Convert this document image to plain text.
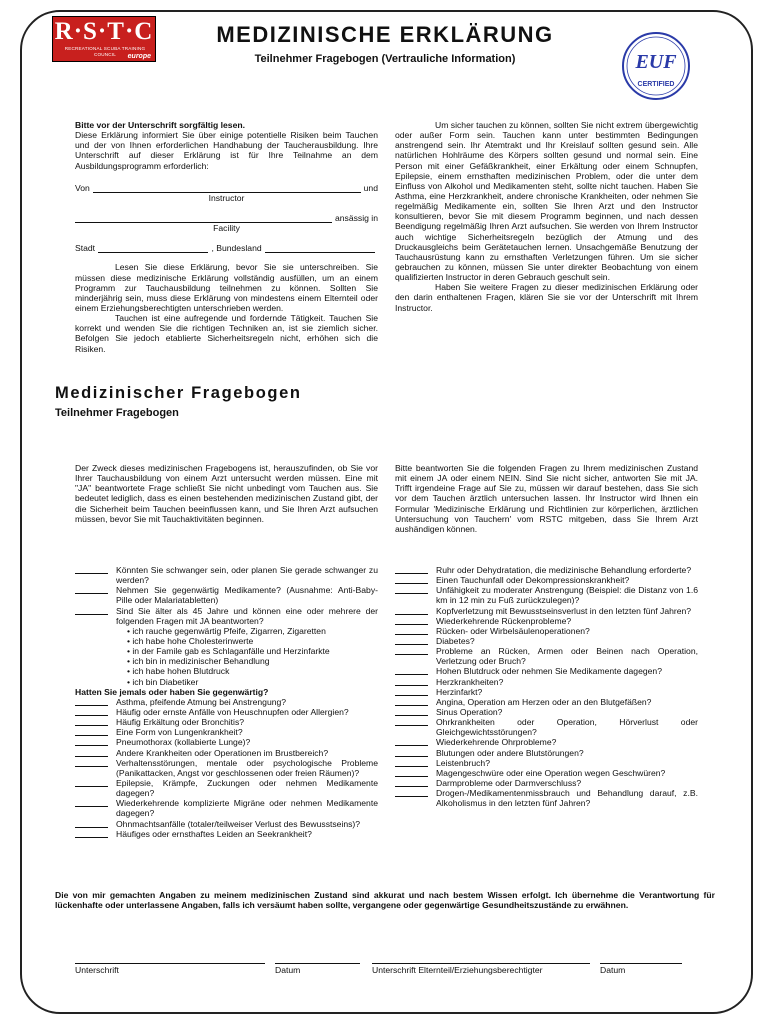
R·S·T·C
RECREATIONAL SCUBA TRAINING COUNCIL	europe
MEDIZINISCHE ERKLÄRUNG
Teilnehmer Fragebogen (Vertrauliche Information)	EUF
CERTIFIED

Bitte vor der Unterschrift sorgfältig lesen.

Diese Erklärung informiert Sie über einige potentielle Risiken beim Tauchen und der von Ihnen erforderlichen Handhabung der Taucherausbildung. Ihre Unterschrift auf dieser Erklärung ist für Ihre Teilnahme an dem Ausbildungsprogramm erforderlich:

Von	und

Instructor

ansässig in

Facility

Stadt	, Bundesland

Lesen Sie diese Erklärung, bevor Sie sie unterschreiben. Sie müssen diese medizinische Erklärung vollständig ausfüllen, um an einem Programm zur Tauchausbildung teilnehmen zu können. Sollten Sie minderjährig sein, muss diese Erklärung von mindestens einem Elternteil oder einem Erziehungsberechtigten unterschrieben werden.

Tauchen ist eine aufregende und fordernde Tätigkeit. Tauchen Sie korrekt und wenden Sie die richtigen Techniken an, ist sie ziemlich sicher. Befolgen Sie jedoch etablierte Sicherheitsregeln nicht, erhöhen sich die Risiken.

Um sicher tauchen zu können, sollten Sie nicht extrem übergewichtig oder außer Form sein. Tauchen kann unter bestimmten Bedingungen anstrengend sein. Ihr Atemtrakt und Ihr Kreislauf sollten gesund sein. Alle natürlichen Hohlräume des Körpers sollten gesund und normal sein. Eine Person mit einer Gefäßkrankheit, einer Erkältung oder einem Schnupfen, Epilepsie, einem ernsthaften medizinischen Problem, oder die unter dem Einfluss von Alkohol und Medikamenten steht, sollte nicht tauchen. Haben Sie Asthma, eine Herzkrankheit, andere chronische Krankheiten, oder nehmen Sie regelmäßig Medikamente ein, sollten Sie Ihren Arzt und den Instructor konsultieren, bevor Sie mit diesem Programm beginnen, und nach dessen Beendigung regelmäßig Ihren Arzt aufsuchen. Sie werden von Ihrem Instructor auch wichtige Sicherheitsregeln bezüglich der Atmung und des Druckausgleichs beim Gerätetauchen lernen. Unsachgemäße Benutzung der Tauchausrüstung kann zu ernsthaften Verletzungen führen. Um sie sicher gebrauchen zu können, müssen Sie unter direkter Beobachtung von einem qualifizierten Instructor in deren Gebrauch geschult sein.

Haben Sie weitere Fragen zu dieser medizinischen Erklärung oder den darin enthaltenen Fragen, klären Sie sie vor der Unterschrift mit Ihrem Instructor.

Medizinischer Fragebogen
Teilnehmer Fragebogen
Der Zweck dieses medizinischen Fragebogens ist, herauszufinden, ob Sie vor Ihrer Tauchausbildung von einem Arzt untersucht werden müssen. Eine mit "JA" beantwortete Frage schließt Sie nicht unbedingt vom Tauchen aus. Sie bedeutet lediglich, dass es einen bestehenden medizinischen Zustand gibt, der die Sicherheit beim Tauchen beeinflussen kann, und Sie Ihren Arzt aufsuchen müssen, bevor Sie mit Tauchaktivitäten beginnen.
Bitte beantworten Sie die folgenden Fragen zu Ihrem medizinischen Zustand mit einem JA oder einem NEIN. Sind Sie nicht sicher, antworten Sie mit JA. Trifft irgendeine Frage auf Sie zu, müssen wir darauf bestehen, dass Sie sich vor dem Tauchen ärztlich untersuchen lassen. Ihr Instructor wird Ihnen ein Formular 'Medizinische Erklärung und Richtlinien zur körperlichen, ärztlichen Untersuchung von Tauchern' vom RSTC mitgeben, dass Sie Ihrem Arzt aushändigen können.
Könnten Sie schwanger sein, oder planen Sie gerade schwanger zu werden?
Nehmen Sie gegenwärtig Medikamente? (Ausnahme: Anti-Baby-Pille oder Malariatabletten)
Sind Sie älter als 45 Jahre und können eine oder mehrere der folgenden Fragen mit JA beantworten?
• ich rauche gegenwärtig Pfeife, Zigarren, Zigaretten
• ich habe hohe Cholesterinwerte
• in der Famile gab es Schlaganfälle und Herzinfarkte
• ich bin in medizinischer Behandlung
• ich habe hohen Blutdruck
• ich bin Diabetiker
Hatten Sie jemals oder haben Sie gegenwärtig?
Asthma, pfeifende Atmung bei Anstrengung?
Häufig oder ernste Anfälle von Heuschnupfen oder Allergien?
Häufig Erkältung oder Bronchitis?
Eine Form von Lungenkrankheit?
Pneumothorax (kollabierte Lunge)?
Andere Krankheiten oder Operationen im Brustbereich?
Verhaltensstörungen, mentale oder psychologische Probleme (Panikattacken, Angst vor geschlossenen oder freien Räumen)?
Epilepsie, Krämpfe, Zuckungen oder nehmen Medikamente dagegen?
Wiederkehrende komplizierte Migräne oder nehmen Medikamente dagegen?
Ohnmachtsanfälle (totaler/teilweiser Verlust des Bewusstseins)?
Häufiges oder ernsthaftes Leiden an Seekrankheit?
Ruhr oder Dehydratation, die medizinische Behandlung erforderte?
Einen Tauchunfall oder Dekompressionskrankheit?
Unfähigkeit zu moderater Anstrengung (Beispiel: die Distanz von 1.6 km in 12 min zu Fuß zurückzulegen)?
Kopfverletzung mit Bewusstseinsverlust in den letzten fünf Jahren?
Wiederkehrende Rückenprobleme?
Rücken- oder Wirbelsäulenoperationen?
Diabetes?
Probleme an Rücken, Armen oder Beinen nach Operation, Verletzung oder Bruch?
Hohen Blutdruck oder nehmen Sie Medikamente dagegen?
Herzkrankheiten?
Herzinfarkt?
Angina, Operation am Herzen oder an den Blutgefäßen?
Sinus Operation?
Ohrkrankheiten oder Operation, Hörverlust oder Gleichgewichtsstörungen?
Wiederkehrende Ohrprobleme?
Blutungen oder andere Blutstörungen?
Leistenbruch?
Magengeschwüre oder eine Operation wegen Geschwüren?
Darmprobleme oder Darmverschluss?
Drogen-/Medikamentenmissbrauch und Behandlung darauf, z.B. Alkoholismus in den letzten fünf Jahren?
Die von mir gemachten Angaben zu meinem medizinischen Zustand sind akkurat und nach bestem Wissen erfolgt. Ich übernehme die Verantwortung für lückenhafte oder unterlassene Angaben, falls ich versäumt haben sollte, vergangene oder gegenwärtige Gesundheitszustände zu erwähnen.
Unterschrift	Datum	Unterschrift Elternteil/Erziehungsberechtigter	Datum
